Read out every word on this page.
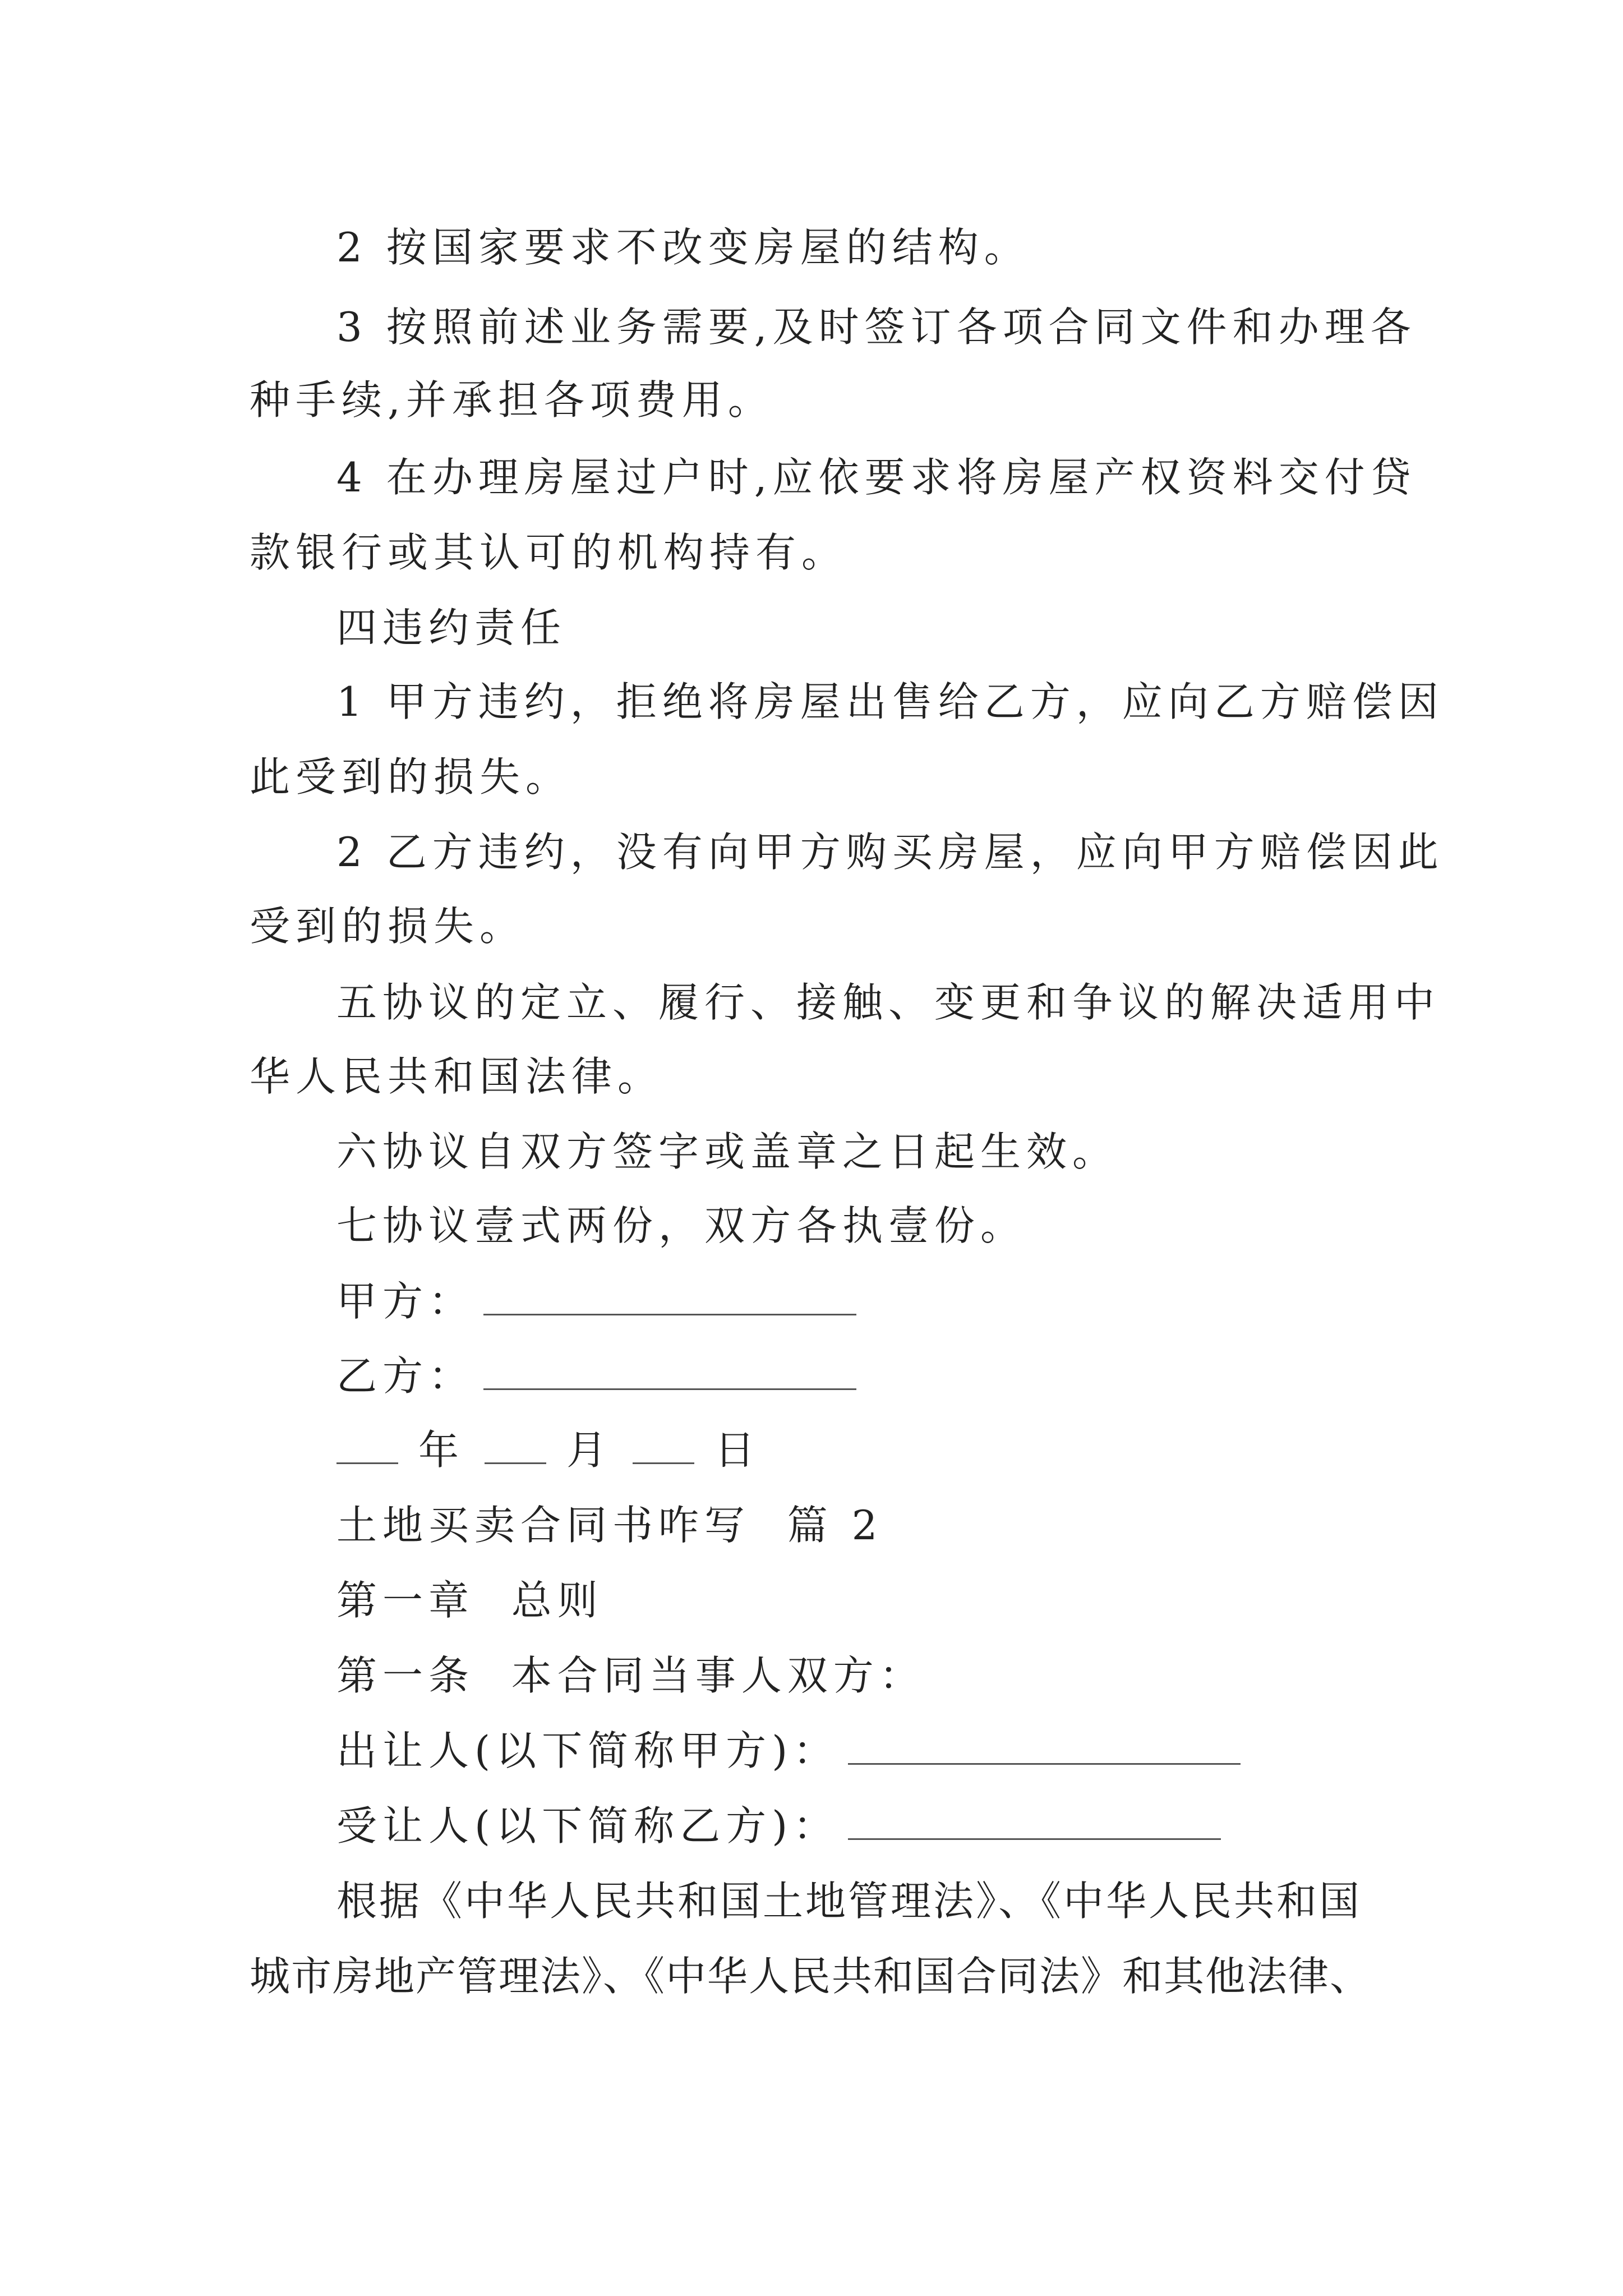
2 按国家要求不改变房屋的结构。
3 按照前述业务需要,及时签订各项合同文件和办理各
种手续,并承担各项费用。
4 在办理房屋过户时,应依要求将房屋产权资料交付贷
款银行或其认可的机构持有。
四违约责任
1 甲方违约，拒绝将房屋出售给乙方，应向乙方赔偿因
此受到的损失。
2 乙方违约，没有向甲方购买房屋，应向甲方赔偿因此
受到的损失。
五协议的定立、履行、接触、变更和争议的解决适用中
华人民共和国法律。
六协议自双方签字或盖章之日起生效。
七协议壹式两份，双方各执壹份。
甲方：
乙方：
年	月	日
土地买卖合同书咋写  篇 2
第一章  总则
第一条  本合同当事人双方：
出让人(以下简称甲方)：
受让人(以下简称乙方)：
根据《中华人民共和国土地管理法》、《中华人民共和国
城市房地产管理法》、《中华人民共和国合同法》和其他法律、
